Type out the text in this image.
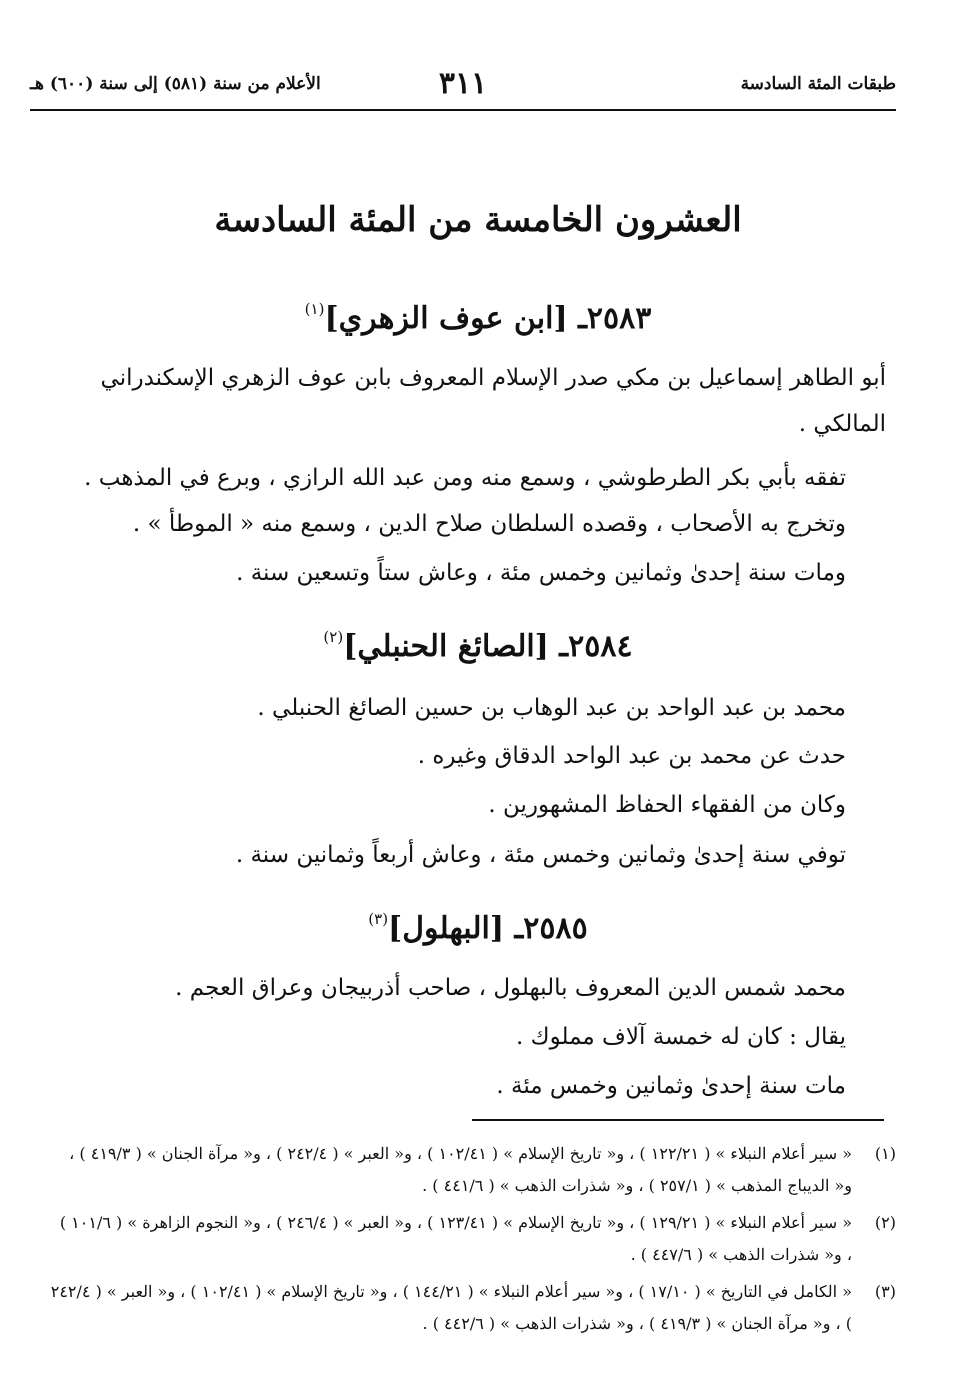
طبقات المئة السادسة
٣١١
الأعلام من سنة (٥٨١) إلى سنة (٦٠٠) هـ
العشرون الخامسة من المئة السادسة
٢٥٨٣ـ [ابن عوف الزهري]$^{(١)}$
أبو الطاهر إسماعيل بن مكي صدر الإسلام المعروف بابن عوف الزهري الإسكندراني المالكي .
تفقه بأبي بكر الطرطوشي ، وسمع منه ومن عبد الله الرازي ، وبرع في المذهب .
وتخرج به الأصحاب ، وقصده السلطان صلاح الدين ، وسمع منه « الموطأ » .
ومات سنة إحدىٰ وثمانين وخمس مئة ، وعاش ستاً وتسعين سنة .
٢٥٨٤ـ [الصائغ الحنبلي]$^{(٢)}$
محمد بن عبد الواحد بن عبد الوهاب بن حسين الصائغ الحنبلي .
حدث عن محمد بن عبد الواحد الدقاق وغيره .
وكان من الفقهاء الحفاظ المشهورين .
توفي سنة إحدىٰ وثمانين وخمس مئة ، وعاش أربعاً وثمانين سنة .
٢٥٨٥ـ [البهلول]$^{(٣)}$
محمد شمس الدين المعروف بالبهلول ، صاحب أذربيجان وعراق العجم .
يقال : كان له خمسة آلاف مملوك .
مات سنة إحدىٰ وثمانين وخمس مئة .
(١)
« سير أعلام النبلاء » ( ١٢٢/٢١ ) ، و« تاريخ الإسلام » ( ١٠٢/٤١ ) ، و« العبر » ( ٢٤٢/٤ ) ، و« مرآة الجنان » ( ٤١٩/٣ ) ، و« الديباج المذهب » ( ٢٥٧/١ ) ، و« شذرات الذهب » ( ٤٤١/٦ ) .
(٢)
« سير أعلام النبلاء » ( ١٢٩/٢١ ) ، و« تاريخ الإسلام » ( ١٢٣/٤١ ) ، و« العبر » ( ٢٤٦/٤ ) ، و« النجوم الزاهرة » ( ١٠١/٦ ) ، و« شذرات الذهب » ( ٤٤٧/٦ ) .
(٣)
« الكامل في التاريخ » ( ١٧/١٠ ) ، و« سير أعلام النبلاء » ( ١٤٤/٢١ ) ، و« تاريخ الإسلام » ( ١٠٢/٤١ ) ، و« العبر » ( ٢٤٢/٤ ) ، و« مرآة الجنان » ( ٤١٩/٣ ) ، و« شذرات الذهب » ( ٤٤٢/٦ ) .
